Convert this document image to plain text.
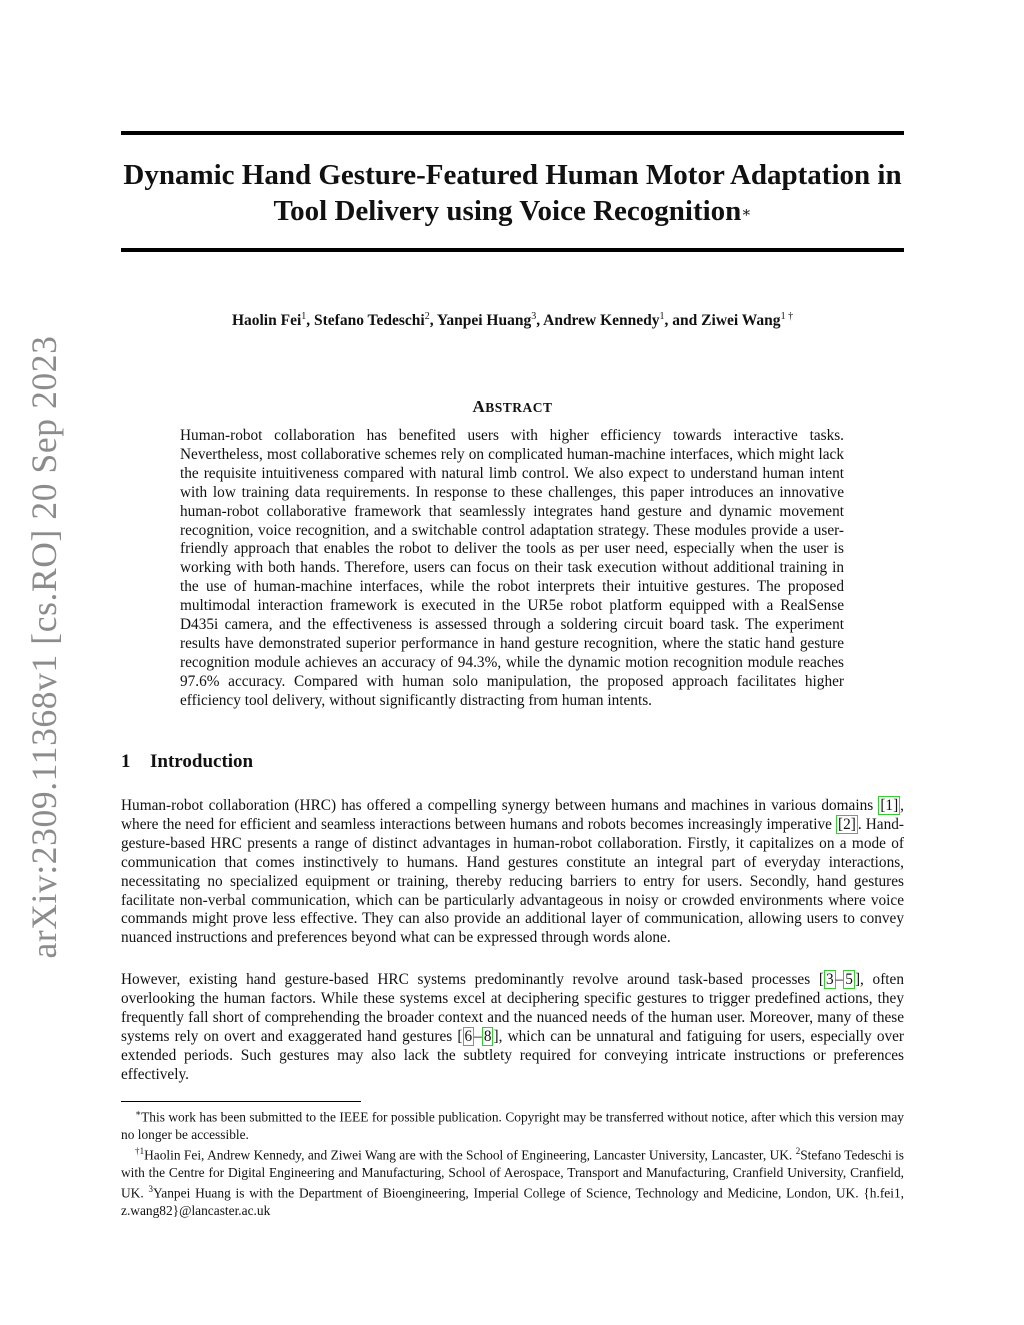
arXiv:2309.11368v1 [cs.RO] 20 Sep 2023
Dynamic Hand Gesture-Featured Human Motor Adaptation in
Tool Delivery using Voice Recognition∗
Haolin Fei$^1$, Stefano Tedeschi$^2$, Yanpei Huang$^3$, Andrew Kennedy$^1$, and Ziwei Wang$^{1 \dagger}$
ABSTRACT

Human-robot collaboration has benefited users with higher efficiency towards interactive tasks. Nevertheless, most collaborative schemes rely on complicated human-machine interfaces, which might lack the requisite intuitiveness compared with natural limb control. We also expect to understand human intent with low training data requirements. In response to these challenges, this paper introduces an innovative human-robot collaborative framework that seamlessly integrates hand gesture and dynamic movement recognition, voice recognition, and a switchable control adaptation strategy. These modules provide a user-friendly approach that enables the robot to deliver the tools as per user need, especially when the user is working with both hands. Therefore, users can focus on their task execution without additional training in the use of human-machine interfaces, while the robot interprets their intuitive gestures. The proposed multimodal interaction framework is executed in the UR5e robot platform equipped with a RealSense D435i camera, and the effectiveness is assessed through a soldering circuit board task. The experiment results have demonstrated superior performance in hand gesture recognition, where the static hand gesture recognition module achieves an accuracy of 94.3%, while the dynamic motion recognition module reaches 97.6% accuracy. Compared with human solo manipulation, the proposed approach facilitates higher efficiency tool delivery, without significantly distracting from human intents.

1 Introduction

Human-robot collaboration (HRC) has offered a compelling synergy between humans and machines in various domains [1] , where the need for efficient and seamless interactions between humans and robots becomes increasingly imperative [2] . Hand-gesture-based HRC presents a range of distinct advantages in human-robot collaboration. Firstly, it capitalizes on a mode of communication that comes instinctively to humans. Hand gestures constitute an integral part of everyday interactions, necessitating no specialized equipment or training, thereby reducing barriers to entry for users. Secondly, hand gestures facilitate non-verbal communication, which can be particularly advantageous in noisy or crowded environments where voice commands might prove less effective. They can also provide an additional layer of communication, allowing users to convey nuanced instructions and preferences beyond what can be expressed through words alone.

However, existing hand gesture-based HRC systems predominantly revolve around task-based processes [ 3 – 5 ], often overlooking the human factors. While these systems excel at deciphering specific gestures to trigger predefined actions, they frequently fall short of comprehending the broader context and the nuanced needs of the human user. Moreover, many of these systems rely on overt and exaggerated hand gestures [ 6 – 8 ], which can be unnatural and fatiguing for users, especially over extended periods. Such gestures may also lack the subtlety required for conveying intricate instructions or preferences effectively.

∗This work has been submitted to the IEEE for possible publication. Copyright may be transferred without notice, after which this version may no longer be accessible.

$^{\dagger 1}$Haolin Fei, Andrew Kennedy, and Ziwei Wang are with the School of Engineering, Lancaster University, Lancaster, UK. $^2$Stefano Tedeschi is with the Centre for Digital Engineering and Manufacturing, School of Aerospace, Transport and Manufacturing, Cranfield University, Cranfield, UK. $^3$Yanpei Huang is with the Department of Bioengineering, Imperial College of Science, Technology and Medicine, London, UK. {h.fei1, z.wang82}@lancaster.ac.uk
